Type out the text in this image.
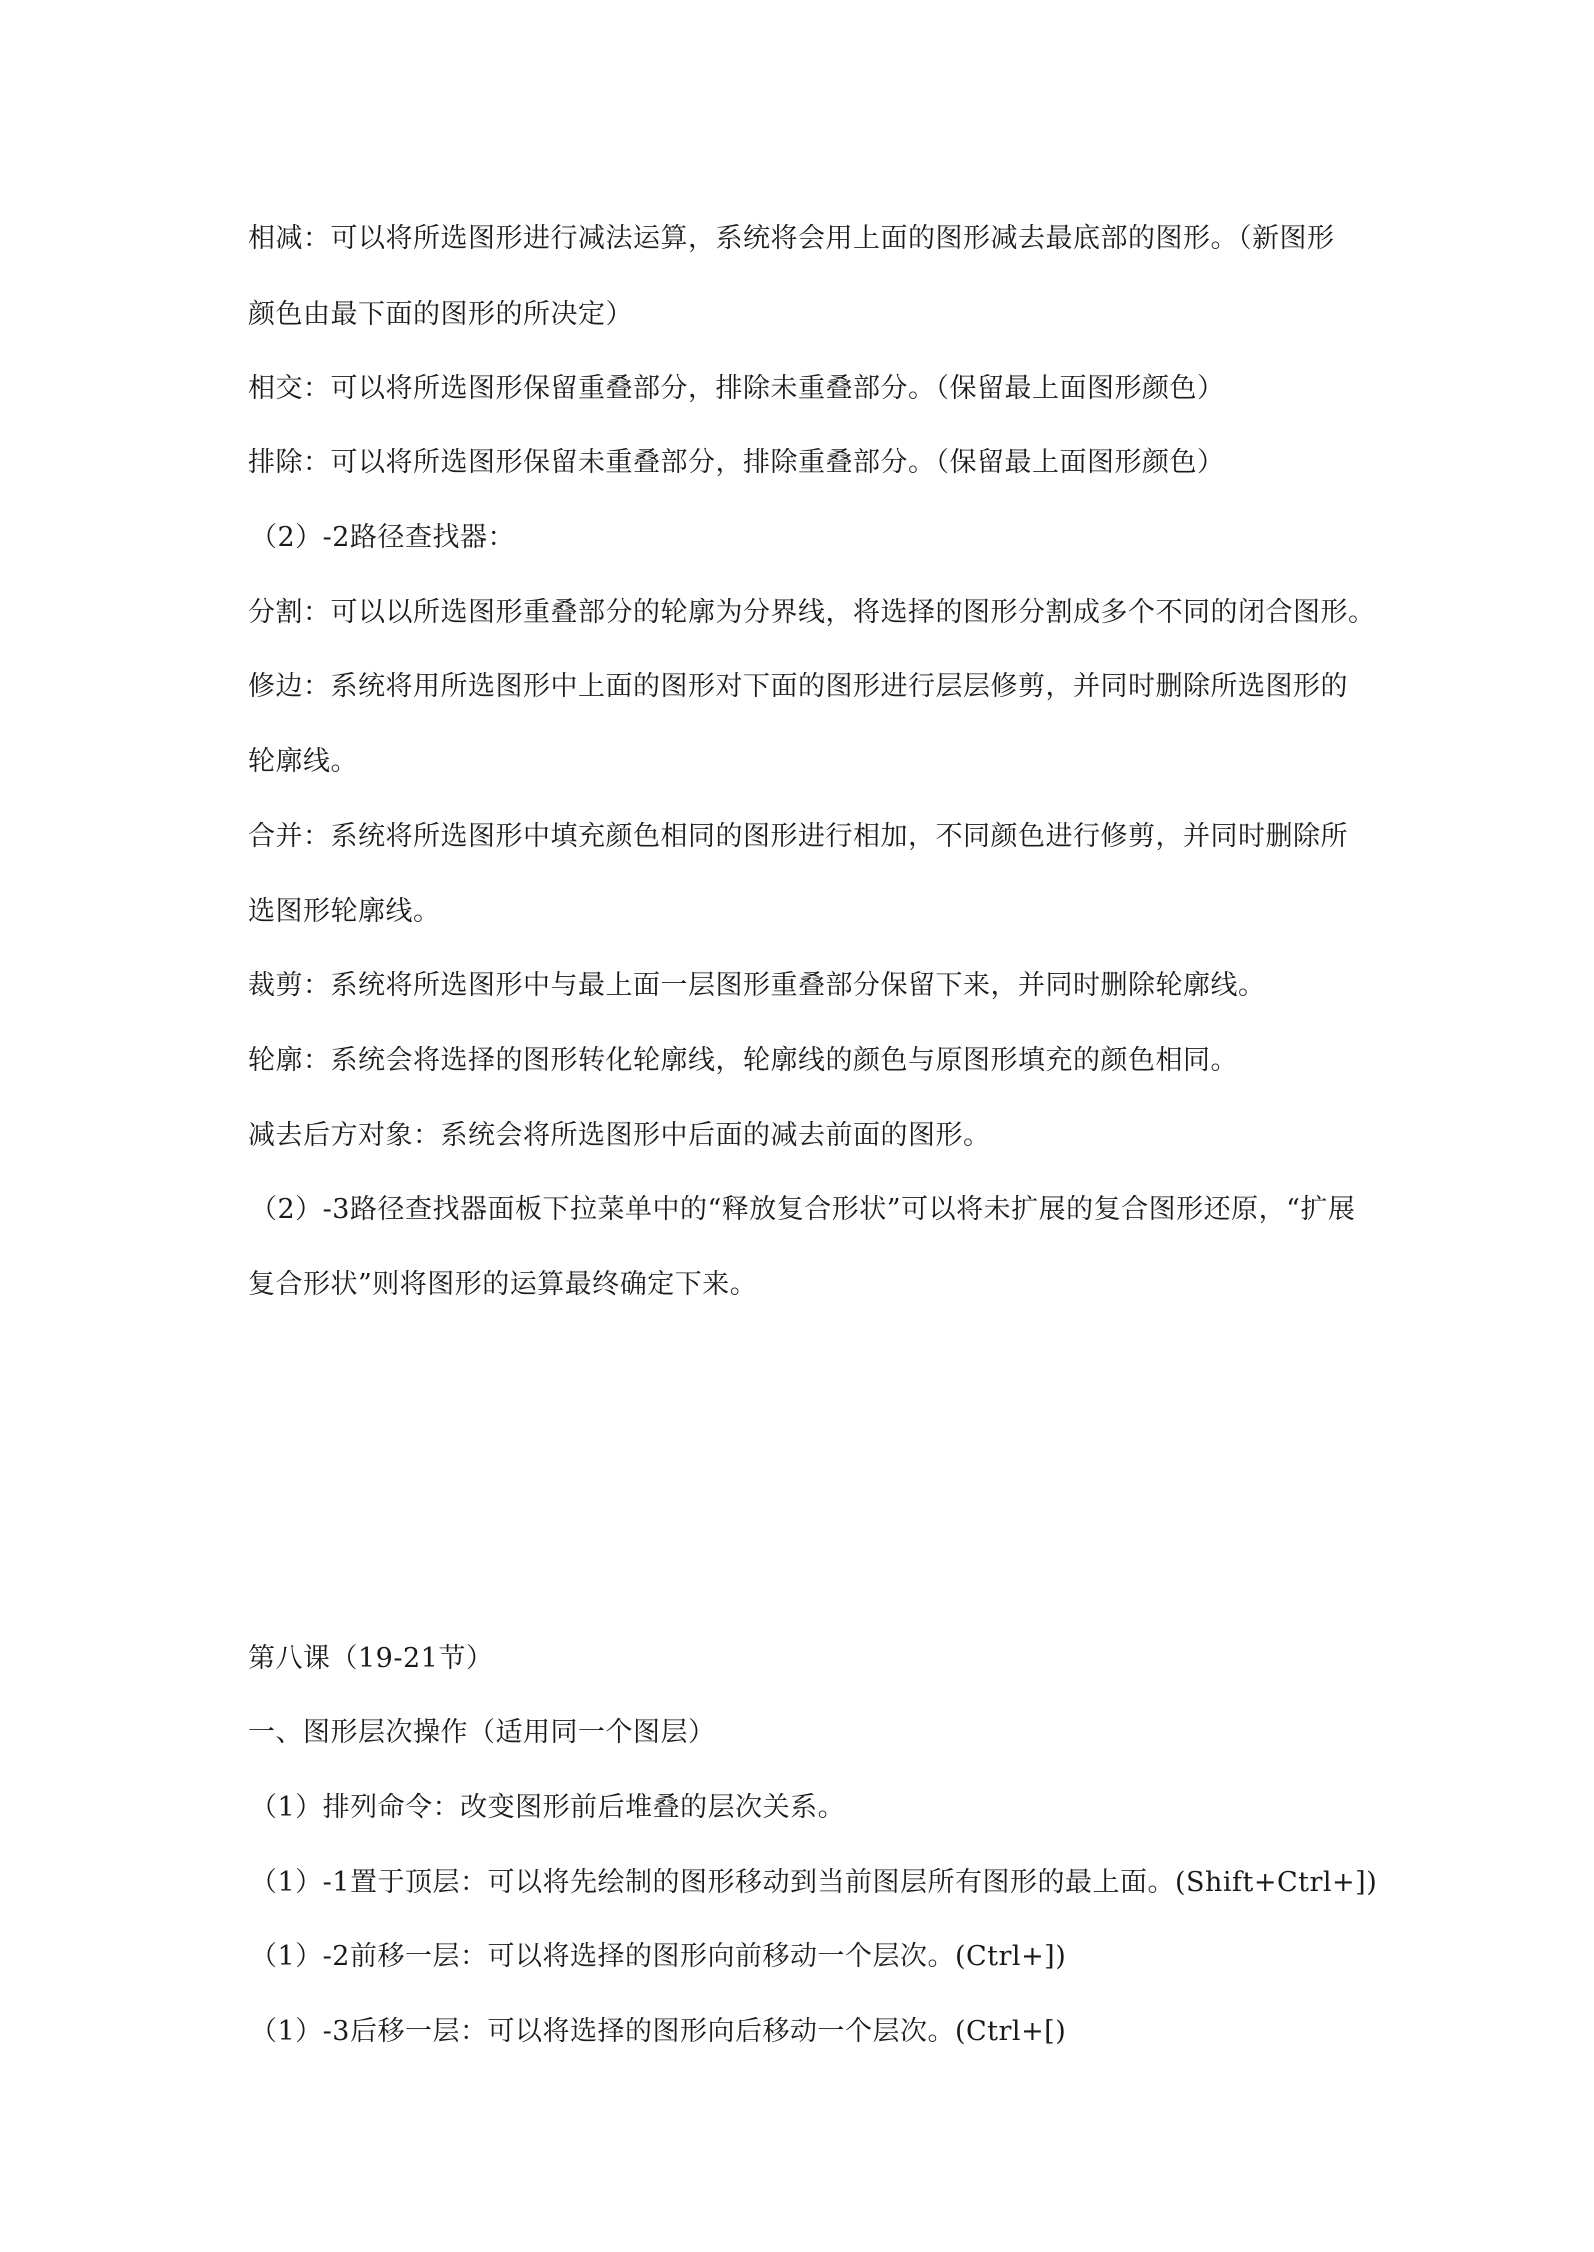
相减：可以将所选图形进行减法运算，系统将会用上面的图形减去最底部的图形。（新图形
颜色由最下面的图形的所决定）
相交：可以将所选图形保留重叠部分，排除未重叠部分。（保留最上面图形颜色）
排除：可以将所选图形保留未重叠部分，排除重叠部分。（保留最上面图形颜色）
（2）-2路径查找器：
分割：可以以所选图形重叠部分的轮廓为分界线，将选择的图形分割成多个不同的闭合图形。
修边：系统将用所选图形中上面的图形对下面的图形进行层层修剪，并同时删除所选图形的
轮廓线。
合并：系统将所选图形中填充颜色相同的图形进行相加，不同颜色进行修剪，并同时删除所
选图形轮廓线。
裁剪：系统将所选图形中与最上面一层图形重叠部分保留下来，并同时删除轮廓线。
轮廓：系统会将选择的图形转化轮廓线，轮廓线的颜色与原图形填充的颜色相同。
减去后方对象：系统会将所选图形中后面的减去前面的图形。
（2）-3路径查找器面板下拉菜单中的“释放复合形状”可以将未扩展的复合图形还原，“扩展
复合形状”则将图形的运算最终确定下来。
第八课（19-21节）
一、图形层次操作（适用同一个图层）
（1）排列命令：改变图形前后堆叠的层次关系。
（1）-1置于顶层：可以将先绘制的图形移动到当前图层所有图形的最上面。(Shift+Ctrl+])
（1）-2前移一层：可以将选择的图形向前移动一个层次。(Ctrl+])
（1）-3后移一层：可以将选择的图形向后移动一个层次。(Ctrl+[)
